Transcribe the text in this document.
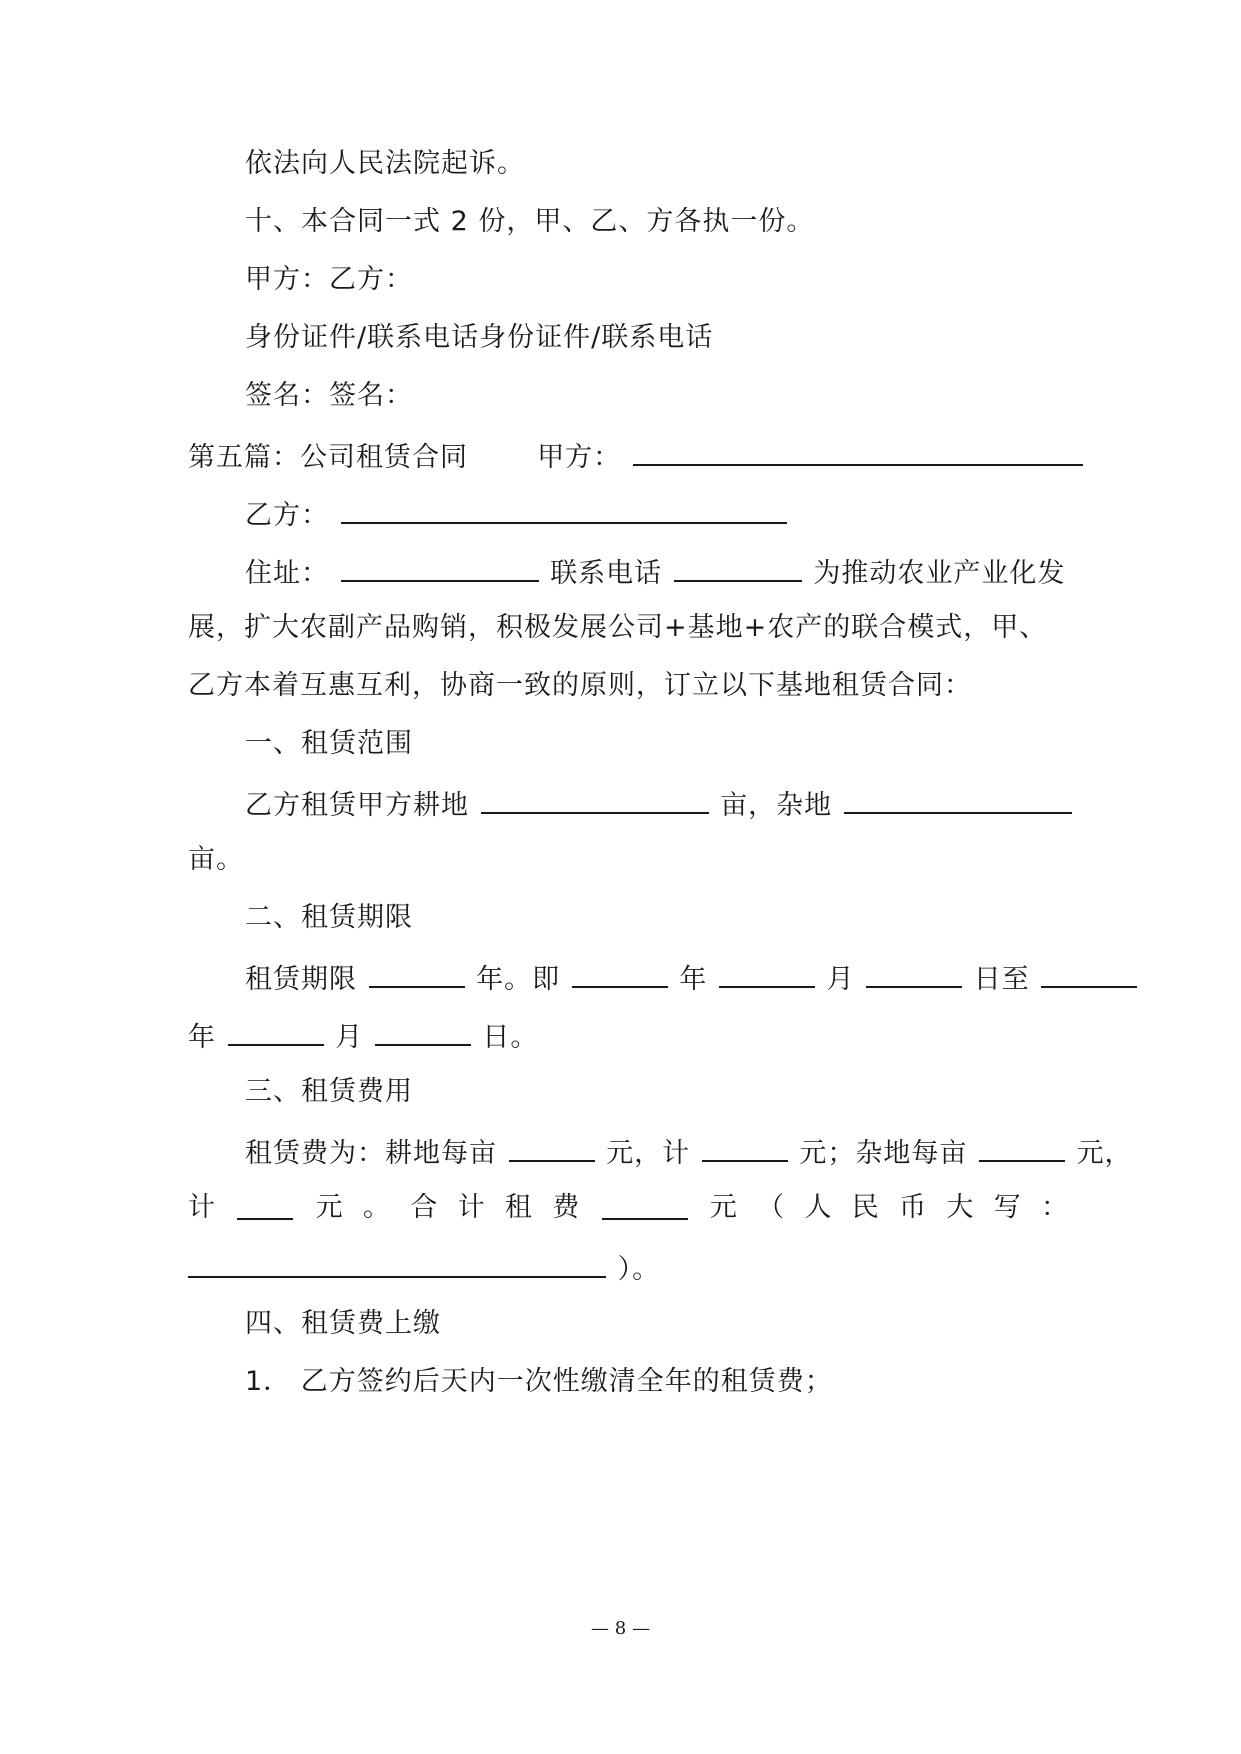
依法向人民法院起诉。
十、本合同一式 2 份，甲、乙、方各执一份。
甲方：乙方：
身份证件/联系电话身份证件/联系电话
签名：签名：
第五篇：公司租赁合同	甲方：
乙方：
住址：	联系电话	为推动农业产业化发
展，扩大农副产品购销，积极发展公司+基地+农产的联合模式，甲、
乙方本着互惠互利，协商一致的原则，订立以下基地租赁合同：
一、租赁范围
乙方租赁甲方耕地	亩，杂地
亩。
二、租赁期限
租赁期限	年。即	年	月	日至
年	月	日。
三、租赁费用
租赁费为：耕地每亩	元，计	元；杂地每亩	元，
计	元 。 合 计 租 费	元 （ 人 民 币 大 写 ：
）。
四、租赁费上缴
1． 乙方签约后天内一次性缴清全年的租赁费；
— 8 —
